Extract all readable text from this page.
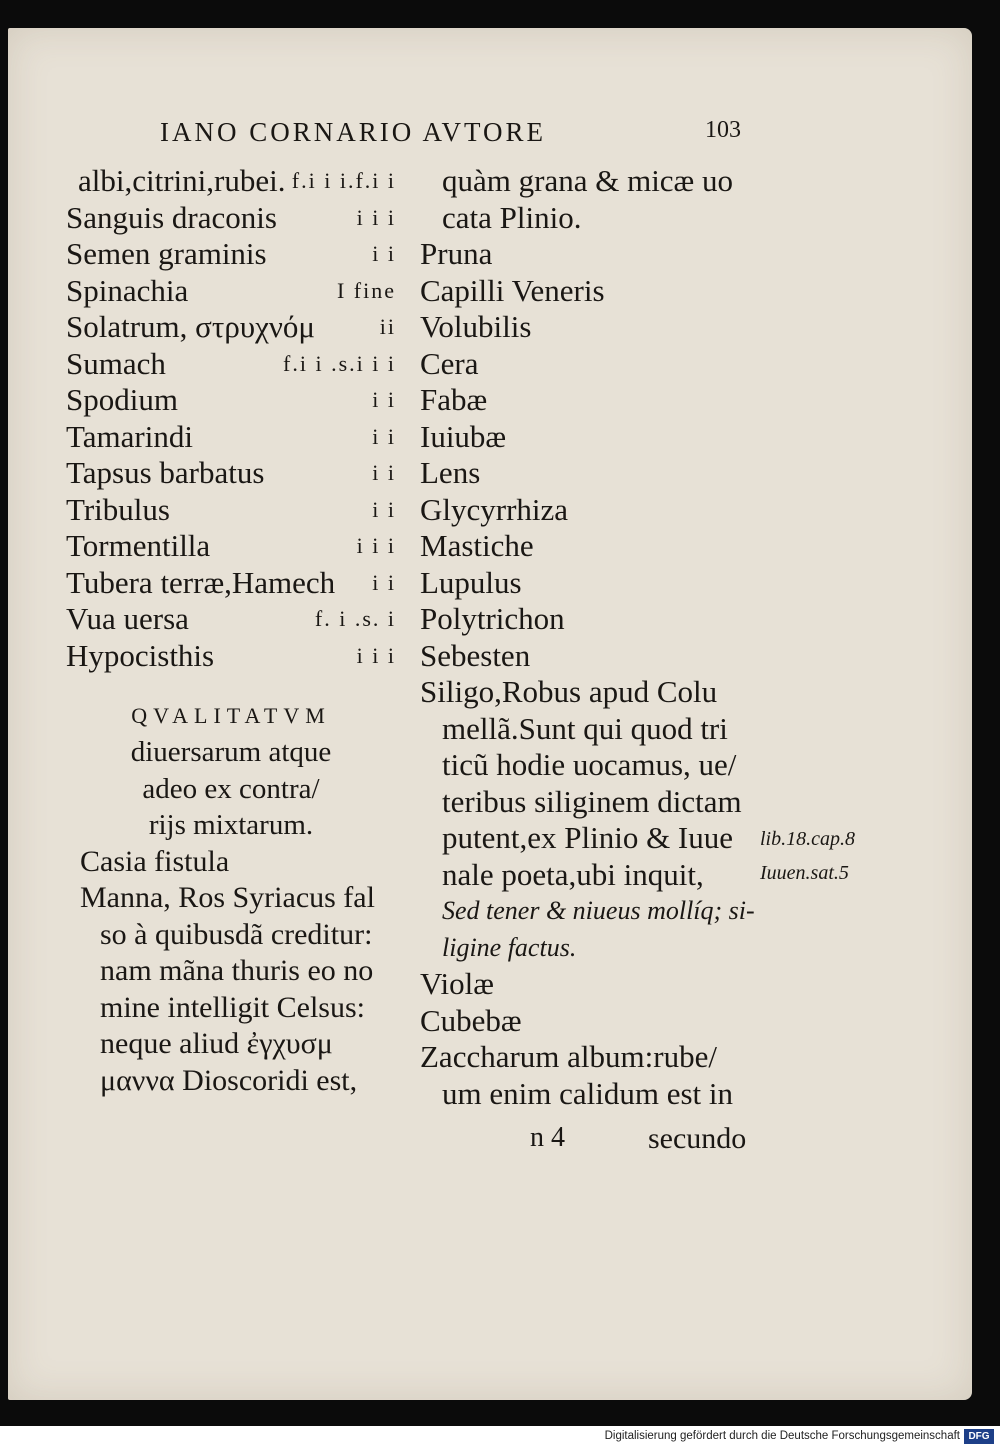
IANO CORNARIO AVTORE	103
albi,citrini,rubei. f.i i i.f.i i
Sanguis draconis	i i i
Semen graminis	i i
Spinachia	I fine
Solatrum, στρυχνόμ	ii
Sumach	f.i i .s.i i i
Spodium	i i
Tamarindi	i i
Tapsus barbatus	i i
Tribulus	i i
Tormentilla	i i i
Tubera terræ,Hamech i i
Vua uersa	f. i .s. i
Hypocisthis	i i i
QVALITATVM
diuersarum atque
adeo ex contra/
rijs mixtarum.
Casia fistula
Manna, Ros Syriacus fal
so à quibusdã creditur:
nam mãna thuris eo no
mine intelligit Celsus:
neque aliud ἐγχυσμ
μαννα Dioscoridi est,
quàm grana & micæ uo
cata Plinio.
Pruna
Capilli Veneris
Volubilis
Cera
Fabæ
Iuiubæ
Lens
Glycyrrhiza
Mastiche
Lupulus
Polytrichon
Sebesten
Siligo,Robus apud Colu
mellã.Sunt qui quod tri
ticũ hodie uocamus, ue/
teribus siliginem dictam
putent,ex Plinio & Iuue
nale poeta,ubi inquit,
Sed tener & niueus mollíq; si-
ligine factus.
Violæ
Cubebæ
Zaccharum album:rube/
um enim calidum est in
lib.18.cap.8
Iuuen.sat.5
n 4	secundo
Digitalisierung gefördert durch die Deutsche Forschungsgemeinschaft DFG
